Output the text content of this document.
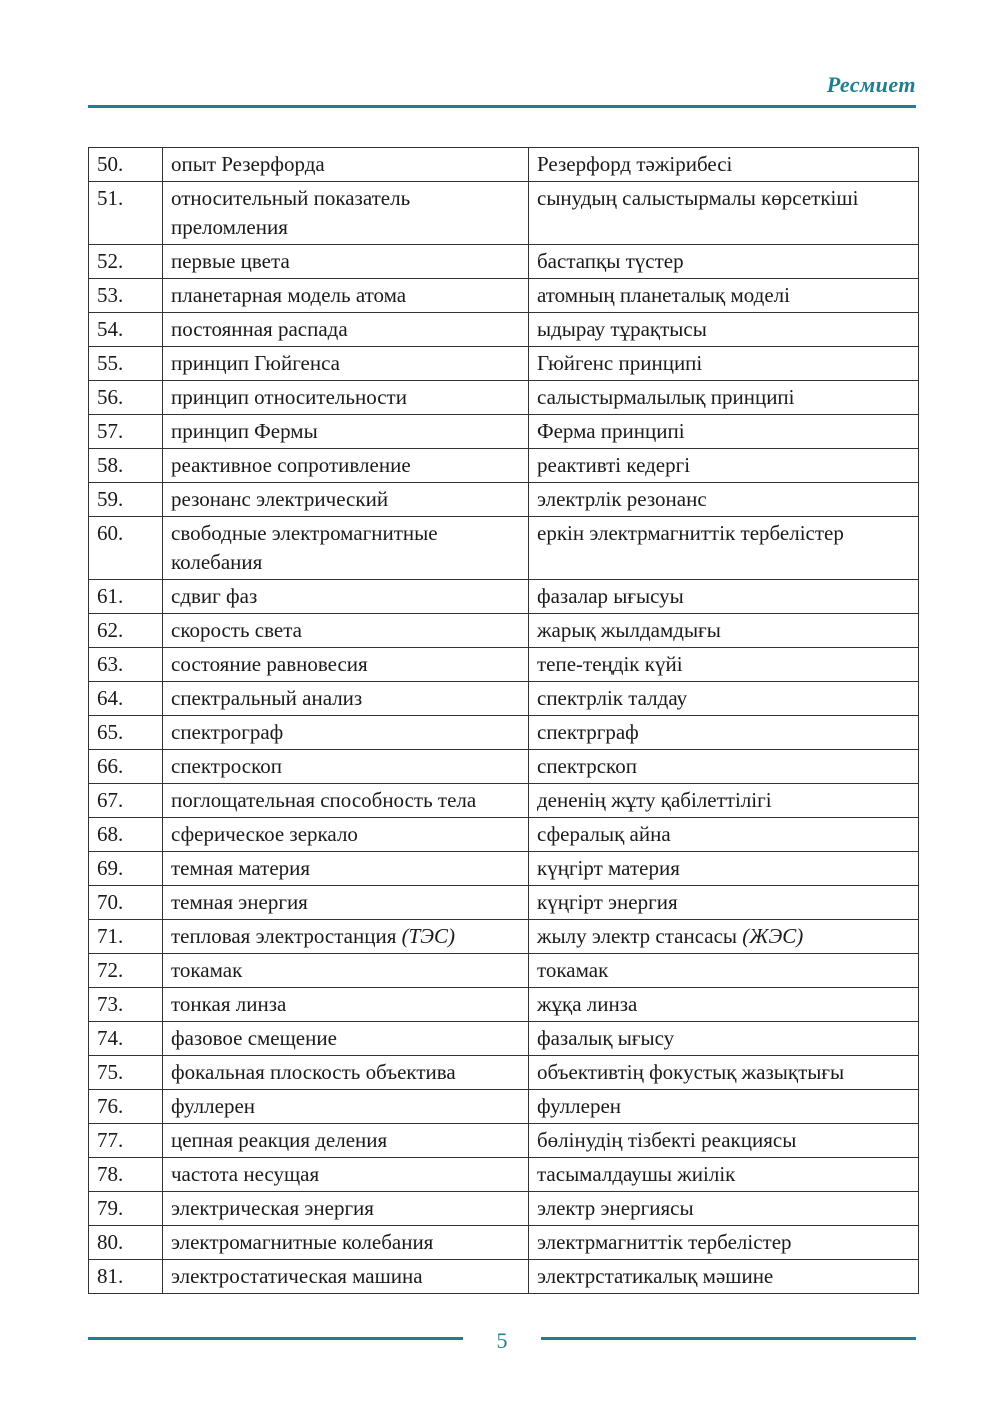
Ресмиет
50.	опыт Резерфорда	Резерфорд тәжірибесі
51.	относительный показатель преломления	сынудың салыстырмалы көрсеткіші
52.	первые цвета	бастапқы түстер
53.	планетарная модель атома	атомның планеталық моделі
54.	постоянная распада	ыдырау тұрақтысы
55.	принцип Гюйгенса	Гюйгенс принципі
56.	принцип относительности	салыстырмалылық принципі
57.	принцип Фермы	Ферма принципі
58.	реактивное сопротивление	реактивті кедергі
59.	резонанс электрический	электрлік резонанс
60.	свободные электромагнитные колебания	еркін электрмагниттік тербелістер
61.	сдвиг фаз	фазалар ығысуы
62.	скорость света	жарық жылдамдығы
63.	состояние равновесия	тепе-теңдік күйі
64.	спектральный анализ	спектрлік талдау
65.	спектрограф	спектрграф
66.	спектроскоп	спектрскоп
67.	поглощательная способность тела	дененің жұту қабілеттілігі
68.	сферическое зеркало	сфералық айна
69.	темная материя	күңгірт материя
70.	темная энергия	күңгірт энергия
71.	тепловая электростанция (ТЭС)	жылу электр стансасы (ЖЭС)
72.	токамак	токамак
73.	тонкая линза	жұқа линза
74.	фазовое смещение	фазалық ығысу
75.	фокальная плоскость объектива	объективтің фокустық жазықтығы
76.	фуллерен	фуллерен
77.	цепная реакция деления	бөлінудің тізбекті реакциясы
78.	частота несущая	тасымалдаушы жиілік
79.	электрическая энергия	электр энергиясы
80.	электромагнитные колебания	электрмагниттік тербелістер
81.	электростатическая машина	электрстатикалық мәшине
5
